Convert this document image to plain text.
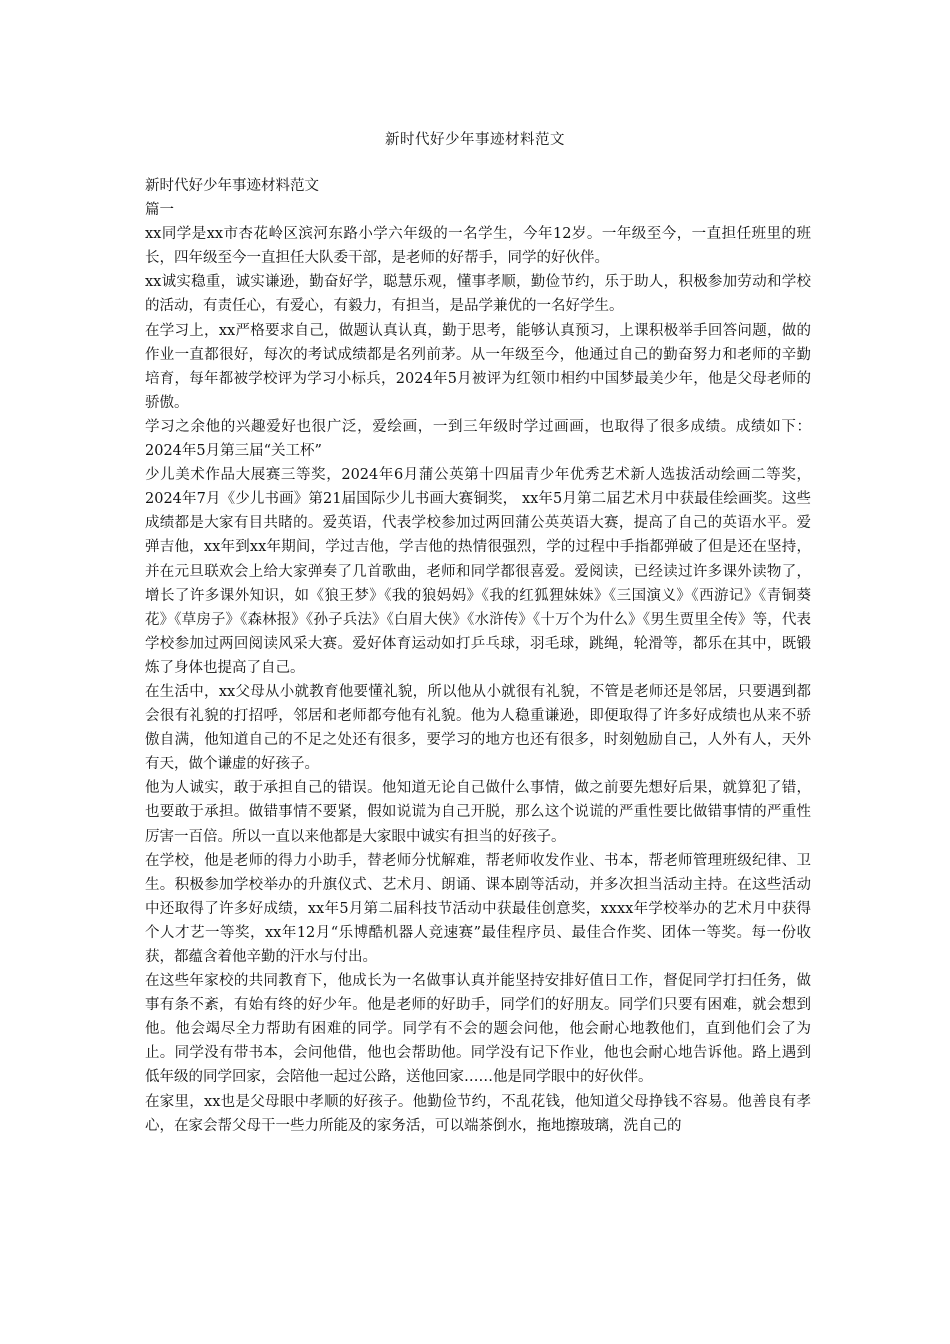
新时代好少年事迹材料范文

新时代好少年事迹材料范文

篇一

xx同学是xx市杏花岭区滨河东路小学六年级的一名学生，今年12岁。一年级至今，一直担任班里的班长，四年级至今一直担任大队委干部，是老师的好帮手，同学的好伙伴。

xx诚实稳重，诚实谦逊，勤奋好学，聪慧乐观，懂事孝顺，勤俭节约，乐于助人，积极参加劳动和学校的活动，有责任心，有爱心，有毅力，有担当，是品学兼优的一名好学生。

在学习上，xx严格要求自己，做题认真认真，勤于思考，能够认真预习，上课积极举手回答问题，做的作业一直都很好，每次的考试成绩都是名列前茅。从一年级至今，他通过自己的勤奋努力和老师的辛勤培育，每年都被学校评为学习小标兵，2024年5月被评为红领巾相约中国梦最美少年，他是父母老师的骄傲。

学习之余他的兴趣爱好也很广泛，爱绘画，一到三年级时学过画画，也取得了很多成绩。成绩如下：2024年5月第三届“关工杯”

少儿美术作品大展赛三等奖，2024年6月蒲公英第十四届青少年优秀艺术新人选拔活动绘画二等奖， 2024年7月《少儿书画》第21届国际少儿书画大赛铜奖， xx年5月第二届艺术月中获最佳绘画奖。这些成绩都是大家有目共睹的。爱英语，代表学校参加过两回蒲公英英语大赛，提高了自己的英语水平。爱弹吉他，xx年到xx年期间，学过吉他，学吉他的热情很强烈，学的过程中手指都弹破了但是还在坚持，并在元旦联欢会上给大家弹奏了几首歌曲，老师和同学都很喜爱。爱阅读，已经读过许多课外读物了，增长了许多课外知识，如《狼王梦》《我的狼妈妈》《我的红狐狸妹妹》《三国演义》《西游记》《青铜葵花》《草房子》《森林报》《孙子兵法》《白眉大侠》《水浒传》《十万个为什么》《男生贾里全传》等，代表学校参加过两回阅读风采大赛。爱好体育运动如打乒乓球，羽毛球，跳绳，轮滑等，都乐在其中，既锻炼了身体也提高了自己。

在生活中，xx父母从小就教育他要懂礼貌，所以他从小就很有礼貌，不管是老师还是邻居，只要遇到都会很有礼貌的打招呼，邻居和老师都夸他有礼貌。他为人稳重谦逊，即便取得了许多好成绩也从来不骄傲自满，他知道自己的不足之处还有很多，要学习的地方也还有很多，时刻勉励自己，人外有人，天外有天，做个谦虚的好孩子。

他为人诚实，敢于承担自己的错误。他知道无论自己做什么事情，做之前要先想好后果，就算犯了错，也要敢于承担。做错事情不要紧，假如说谎为自己开脱，那么这个说谎的严重性要比做错事情的严重性厉害一百倍。所以一直以来他都是大家眼中诚实有担当的好孩子。

在学校，他是老师的得力小助手，替老师分忧解难，帮老师收发作业、书本，帮老师管理班级纪律、卫生。积极参加学校举办的升旗仪式、艺术月、朗诵、课本剧等活动，并多次担当活动主持。在这些活动中还取得了许多好成绩，xx年5月第二届科技节活动中获最佳创意奖，xxxx年学校举办的艺术月中获得个人才艺一等奖，xx年12月“乐博酷机器人竞速赛”最佳程序员、最佳合作奖、团体一等奖。每一份收获，都蕴含着他辛勤的汗水与付出。

在这些年家校的共同教育下，他成长为一名做事认真并能坚持安排好值日工作，督促同学打扫任务，做事有条不紊，有始有终的好少年。他是老师的好助手，同学们的好朋友。同学们只要有困难，就会想到他。他会竭尽全力帮助有困难的同学。同学有不会的题会问他，他会耐心地教他们，直到他们会了为止。同学没有带书本，会问他借，他也会帮助他。同学没有记下作业，他也会耐心地告诉他。路上遇到低年级的同学回家，会陪他一起过公路，送他回家……他是同学眼中的好伙伴。

在家里，xx也是父母眼中孝顺的好孩子。他勤俭节约，不乱花钱，他知道父母挣钱不容易。他善良有孝心，在家会帮父母干一些力所能及的家务活，可以端茶倒水，拖地擦玻璃，洗自己的
